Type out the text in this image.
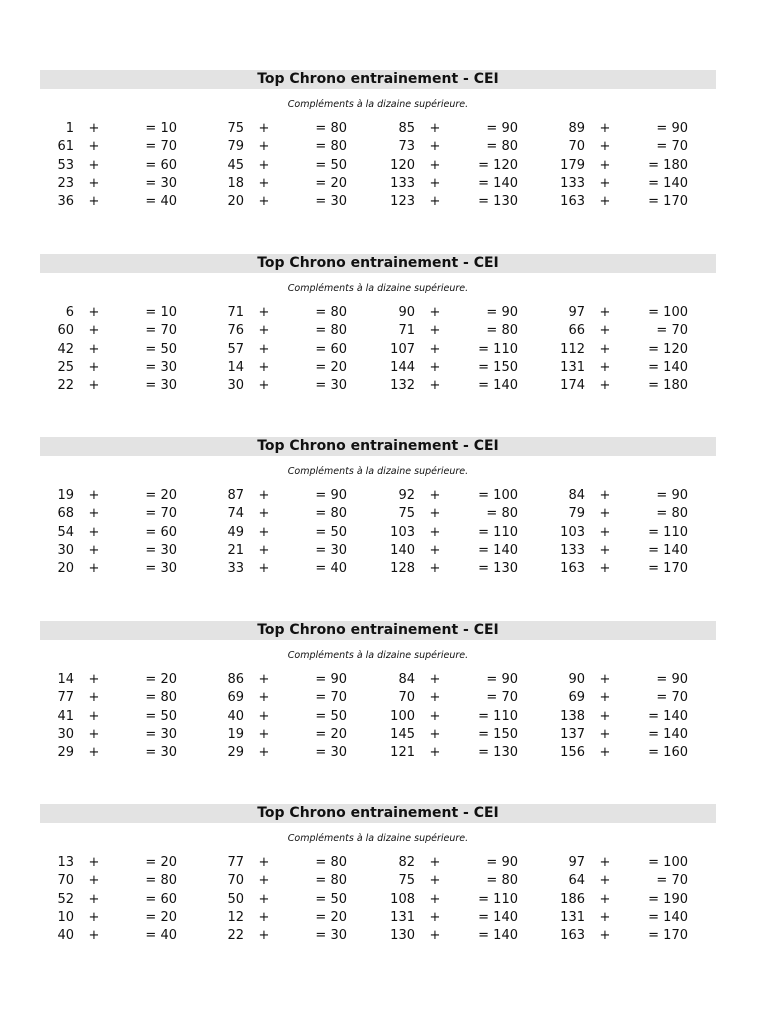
Top Chrono entrainement - CEI
Compléments à la dizaine supérieure.
1 +	= 10	75 +	= 80	85 +	= 90	89 +	= 90
61 +	= 70	79 +	= 80	73 +	= 80	70 +	= 70
53 +	= 60	45 +	= 50	120 +	= 120	179 +	= 180
23 +	= 30	18 +	= 20	133 +	= 140	133 +	= 140
36 +	= 40	20 +	= 30	123 +	= 130	163 +	= 170
Top Chrono entrainement - CEI
Compléments à la dizaine supérieure.
6 +	= 10	71 +	= 80	90 +	= 90	97 +	= 100
60 +	= 70	76 +	= 80	71 +	= 80	66 +	= 70
42 +	= 50	57 +	= 60	107 +	= 110	112 +	= 120
25 +	= 30	14 +	= 20	144 +	= 150	131 +	= 140
22 +	= 30	30 +	= 30	132 +	= 140	174 +	= 180
Top Chrono entrainement - CEI
Compléments à la dizaine supérieure.
19 +	= 20	87 +	= 90	92 +	= 100	84 +	= 90
68 +	= 70	74 +	= 80	75 +	= 80	79 +	= 80
54 +	= 60	49 +	= 50	103 +	= 110	103 +	= 110
30 +	= 30	21 +	= 30	140 +	= 140	133 +	= 140
20 +	= 30	33 +	= 40	128 +	= 130	163 +	= 170
Top Chrono entrainement - CEI
Compléments à la dizaine supérieure.
14 +	= 20	86 +	= 90	84 +	= 90	90 +	= 90
77 +	= 80	69 +	= 70	70 +	= 70	69 +	= 70
41 +	= 50	40 +	= 50	100 +	= 110	138 +	= 140
30 +	= 30	19 +	= 20	145 +	= 150	137 +	= 140
29 +	= 30	29 +	= 30	121 +	= 130	156 +	= 160
Top Chrono entrainement - CEI
Compléments à la dizaine supérieure.
13 +	= 20	77 +	= 80	82 +	= 90	97 +	= 100
70 +	= 80	70 +	= 80	75 +	= 80	64 +	= 70
52 +	= 60	50 +	= 50	108 +	= 110	186 +	= 190
10 +	= 20	12 +	= 20	131 +	= 140	131 +	= 140
40 +	= 40	22 +	= 30	130 +	= 140	163 +	= 170
